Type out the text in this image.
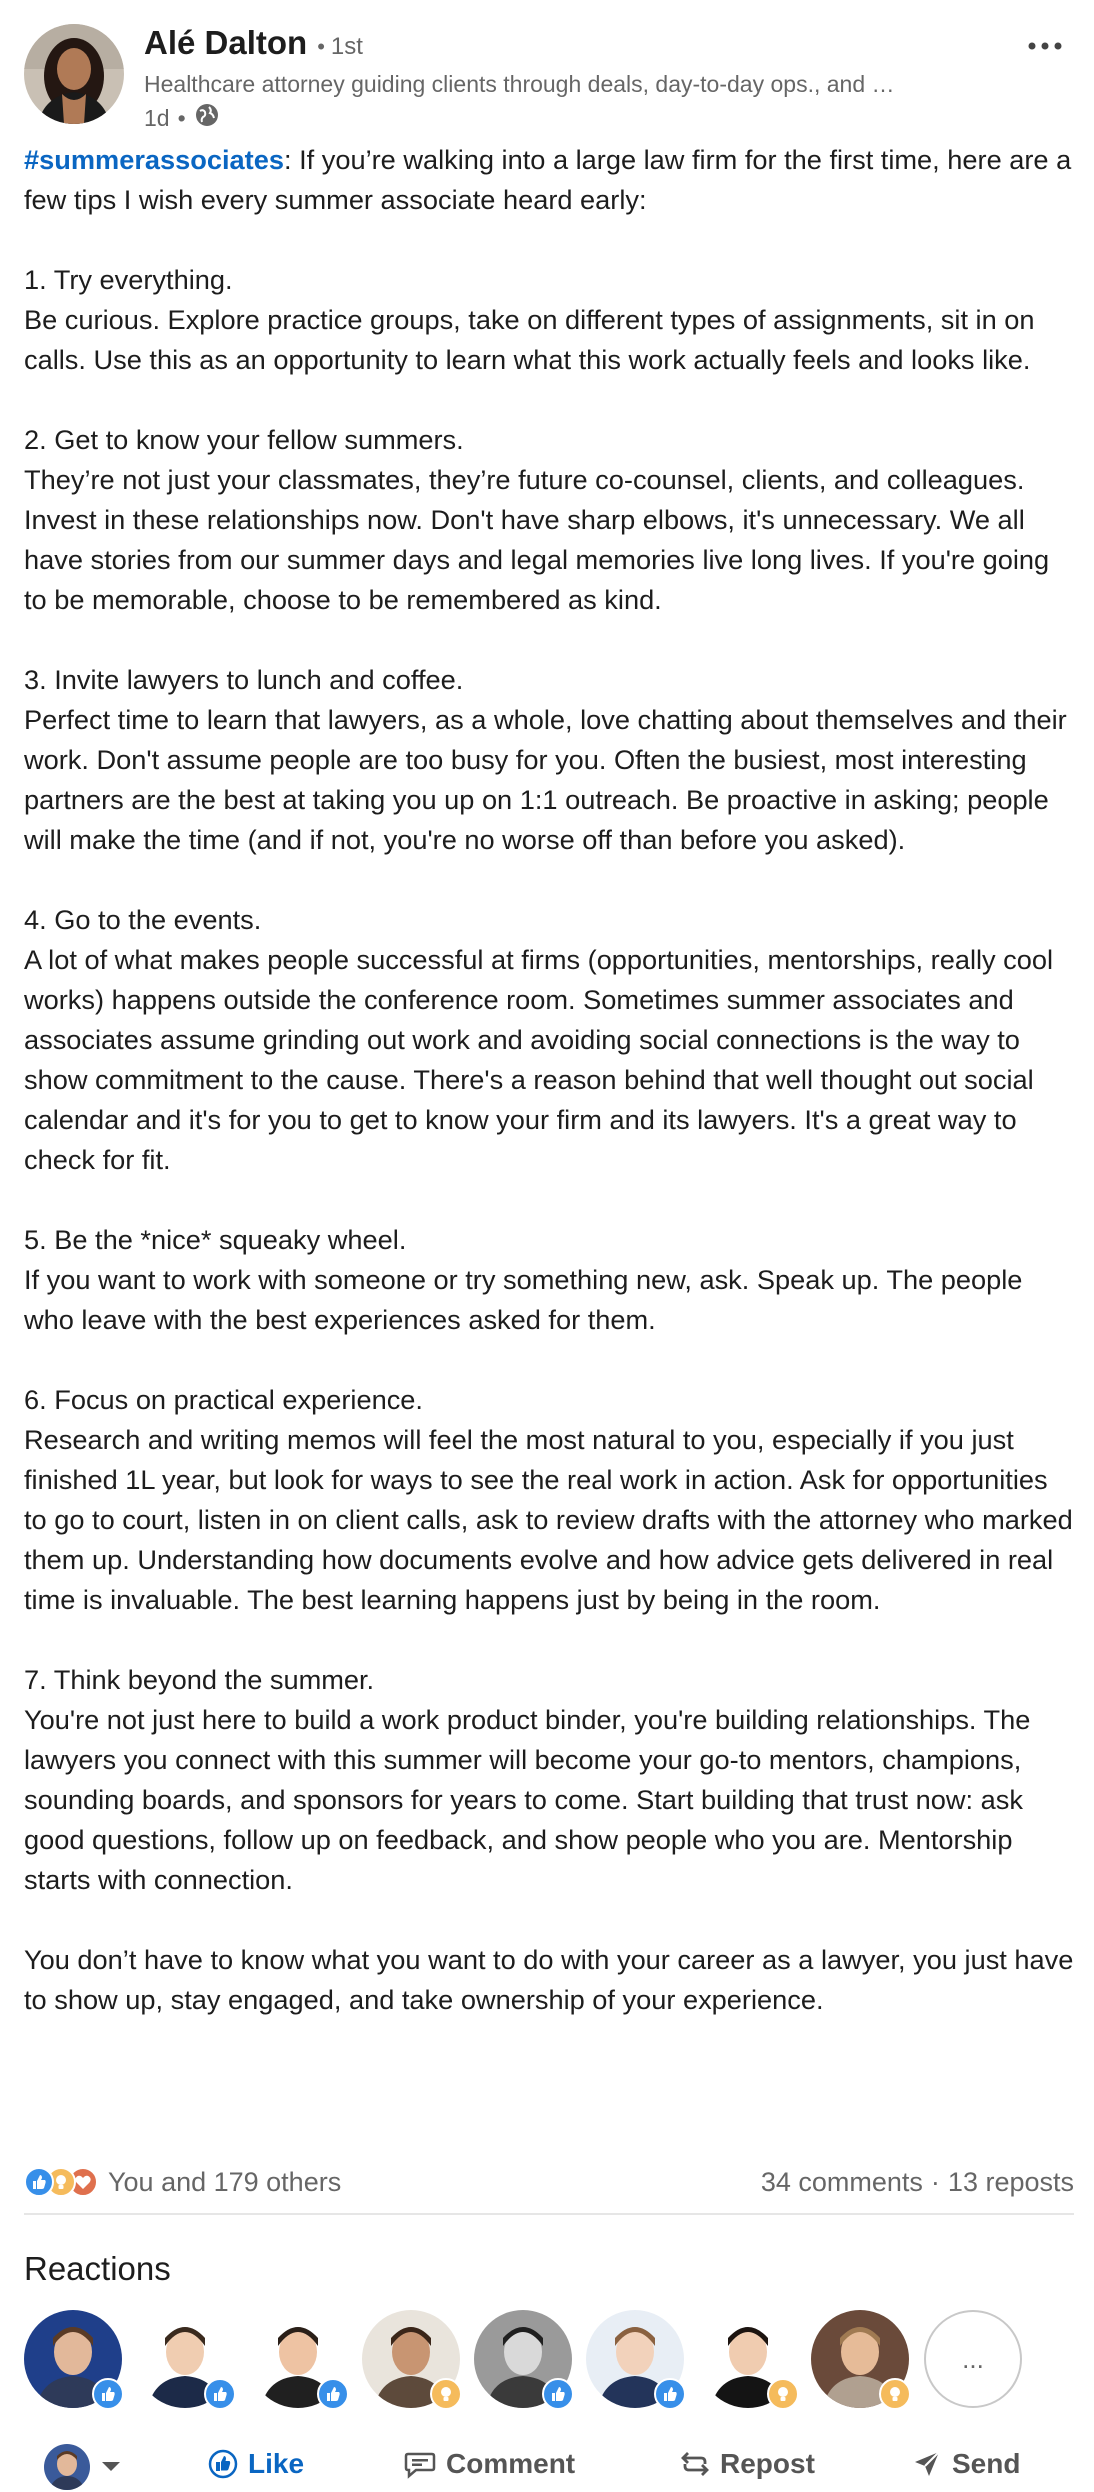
Alé Dalton • 1st
Healthcare attorney guiding clients through deals, day-to-day ops., and …
1d •

#summerassociates: If you’re walking into a large law firm for the first time, here are a few tips I wish every summer associate heard early:

1. Try everything.

Be curious. Explore practice groups, take on different types of assignments, sit in on calls. Use this as an opportunity to learn what this work actually feels and looks like.

2. Get to know your fellow summers.

They’re not just your classmates, they’re future co-counsel, clients, and colleagues. Invest in these relationships now. Don't have sharp elbows, it's unnecessary. We all have stories from our summer days and legal memories live long lives. If you're going to be memorable, choose to be remembered as kind.

3. Invite lawyers to lunch and coffee.

Perfect time to learn that lawyers, as a whole, love chatting about themselves and their work. Don't assume people are too busy for you. Often the busiest, most interesting partners are the best at taking you up on 1:1 outreach. Be proactive in asking; people will make the time (and if not, you're no worse off than before you asked).

4. Go to the events.

A lot of what makes people successful at firms (opportunities, mentorships, really cool works) happens outside the conference room. Sometimes summer associates and associates assume grinding out work and avoiding social connections is the way to show commitment to the cause. There's a reason behind that well thought out social calendar and it's for you to get to know your firm and its lawyers. It's a great way to check for fit.

5. Be the *nice* squeaky wheel.

If you want to work with someone or try something new, ask. Speak up. The people who leave with the best experiences asked for them.

6. Focus on practical experience.

Research and writing memos will feel the most natural to you, especially if you just finished 1L year, but look for ways to see the real work in action. Ask for opportunities to go to court, listen in on client calls, ask to review drafts with the attorney who marked them up. Understanding how documents evolve and how advice gets delivered in real time is invaluable. The best learning happens just by being in the room.

7. Think beyond the summer.

You're not just here to build a work product binder, you're building relationships. The lawyers you connect with this summer will become your go-to mentors, champions, sounding boards, and sponsors for years to come. Start building that trust now: ask good questions, follow up on feedback, and show people who you are. Mentorship starts with connection.

You don’t have to know what you want to do with your career as a lawyer, you just have to show up, stay engaged, and take ownership of your experience.

You and 179 others	34 comments · 13 reposts
Reactions
...
Like	Comment	Repost	Send
